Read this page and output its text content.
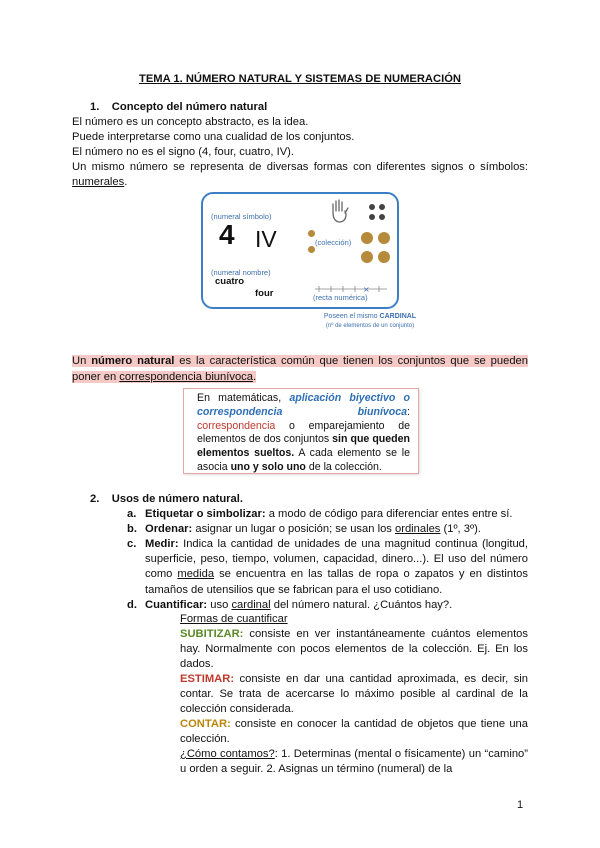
TEMA 1. NÚMERO NATURAL Y SISTEMAS DE NUMERACIÓN
1. Concepto del número natural
El número es un concepto abstracto, es la idea.
Puede interpretarse como una cualidad de los conjuntos.
El número no es el signo (4, four, cuatro, IV).
Un mismo número se representa de diversas formas con diferentes signos o símbolos: numerales.
(numeral símbolo)
4 IV
(numeral nombre)
cuatro
four
(colección)
×
(recta numérica)
Poseen el mismo CARDINAL
(nº de elementos de un conjunto)
Un número natural es la característica común que tienen los conjuntos que se pueden poner en correspondencia biunívoca.
En matemáticas, aplicación biyectivo o correspondencia biunívoca: correspondencia o emparejamiento de elementos de dos conjuntos sin que queden elementos sueltos. A cada elemento se le asocia uno y solo uno de la colección.
2. Usos de número natural.
a. Etiquetar o simbolizar: a modo de código para diferenciar entes entre sí.
b. Ordenar: asignar un lugar o posición; se usan los ordinales (1º, 3º).
c. Medir: Indica la cantidad de unidades de una magnitud continua (longitud, superficie, peso, tiempo, volumen, capacidad, dinero...). El uso del número como medida se encuentra en las tallas de ropa o zapatos y en distintos tamaños de utensilios que se fabrican para el uso cotidiano.
d. Cuantificar: uso cardinal del número natural. ¿Cuántos hay?.
Formas de cuantificar
SUBITIZAR: consiste en ver instantáneamente cuántos elementos hay. Normalmente con pocos elementos de la colección. Ej. En los dados.
ESTIMAR: consiste en dar una cantidad aproximada, es decir, sin contar. Se trata de acercarse lo máximo posible al cardinal de la colección considerada.
CONTAR: consiste en conocer la cantidad de objetos que tiene una colección.
¿Cómo contamos?: 1. Determinas (mental o físicamente) un “camino” u orden a seguir. 2. Asignas un término (numeral) de la
1
